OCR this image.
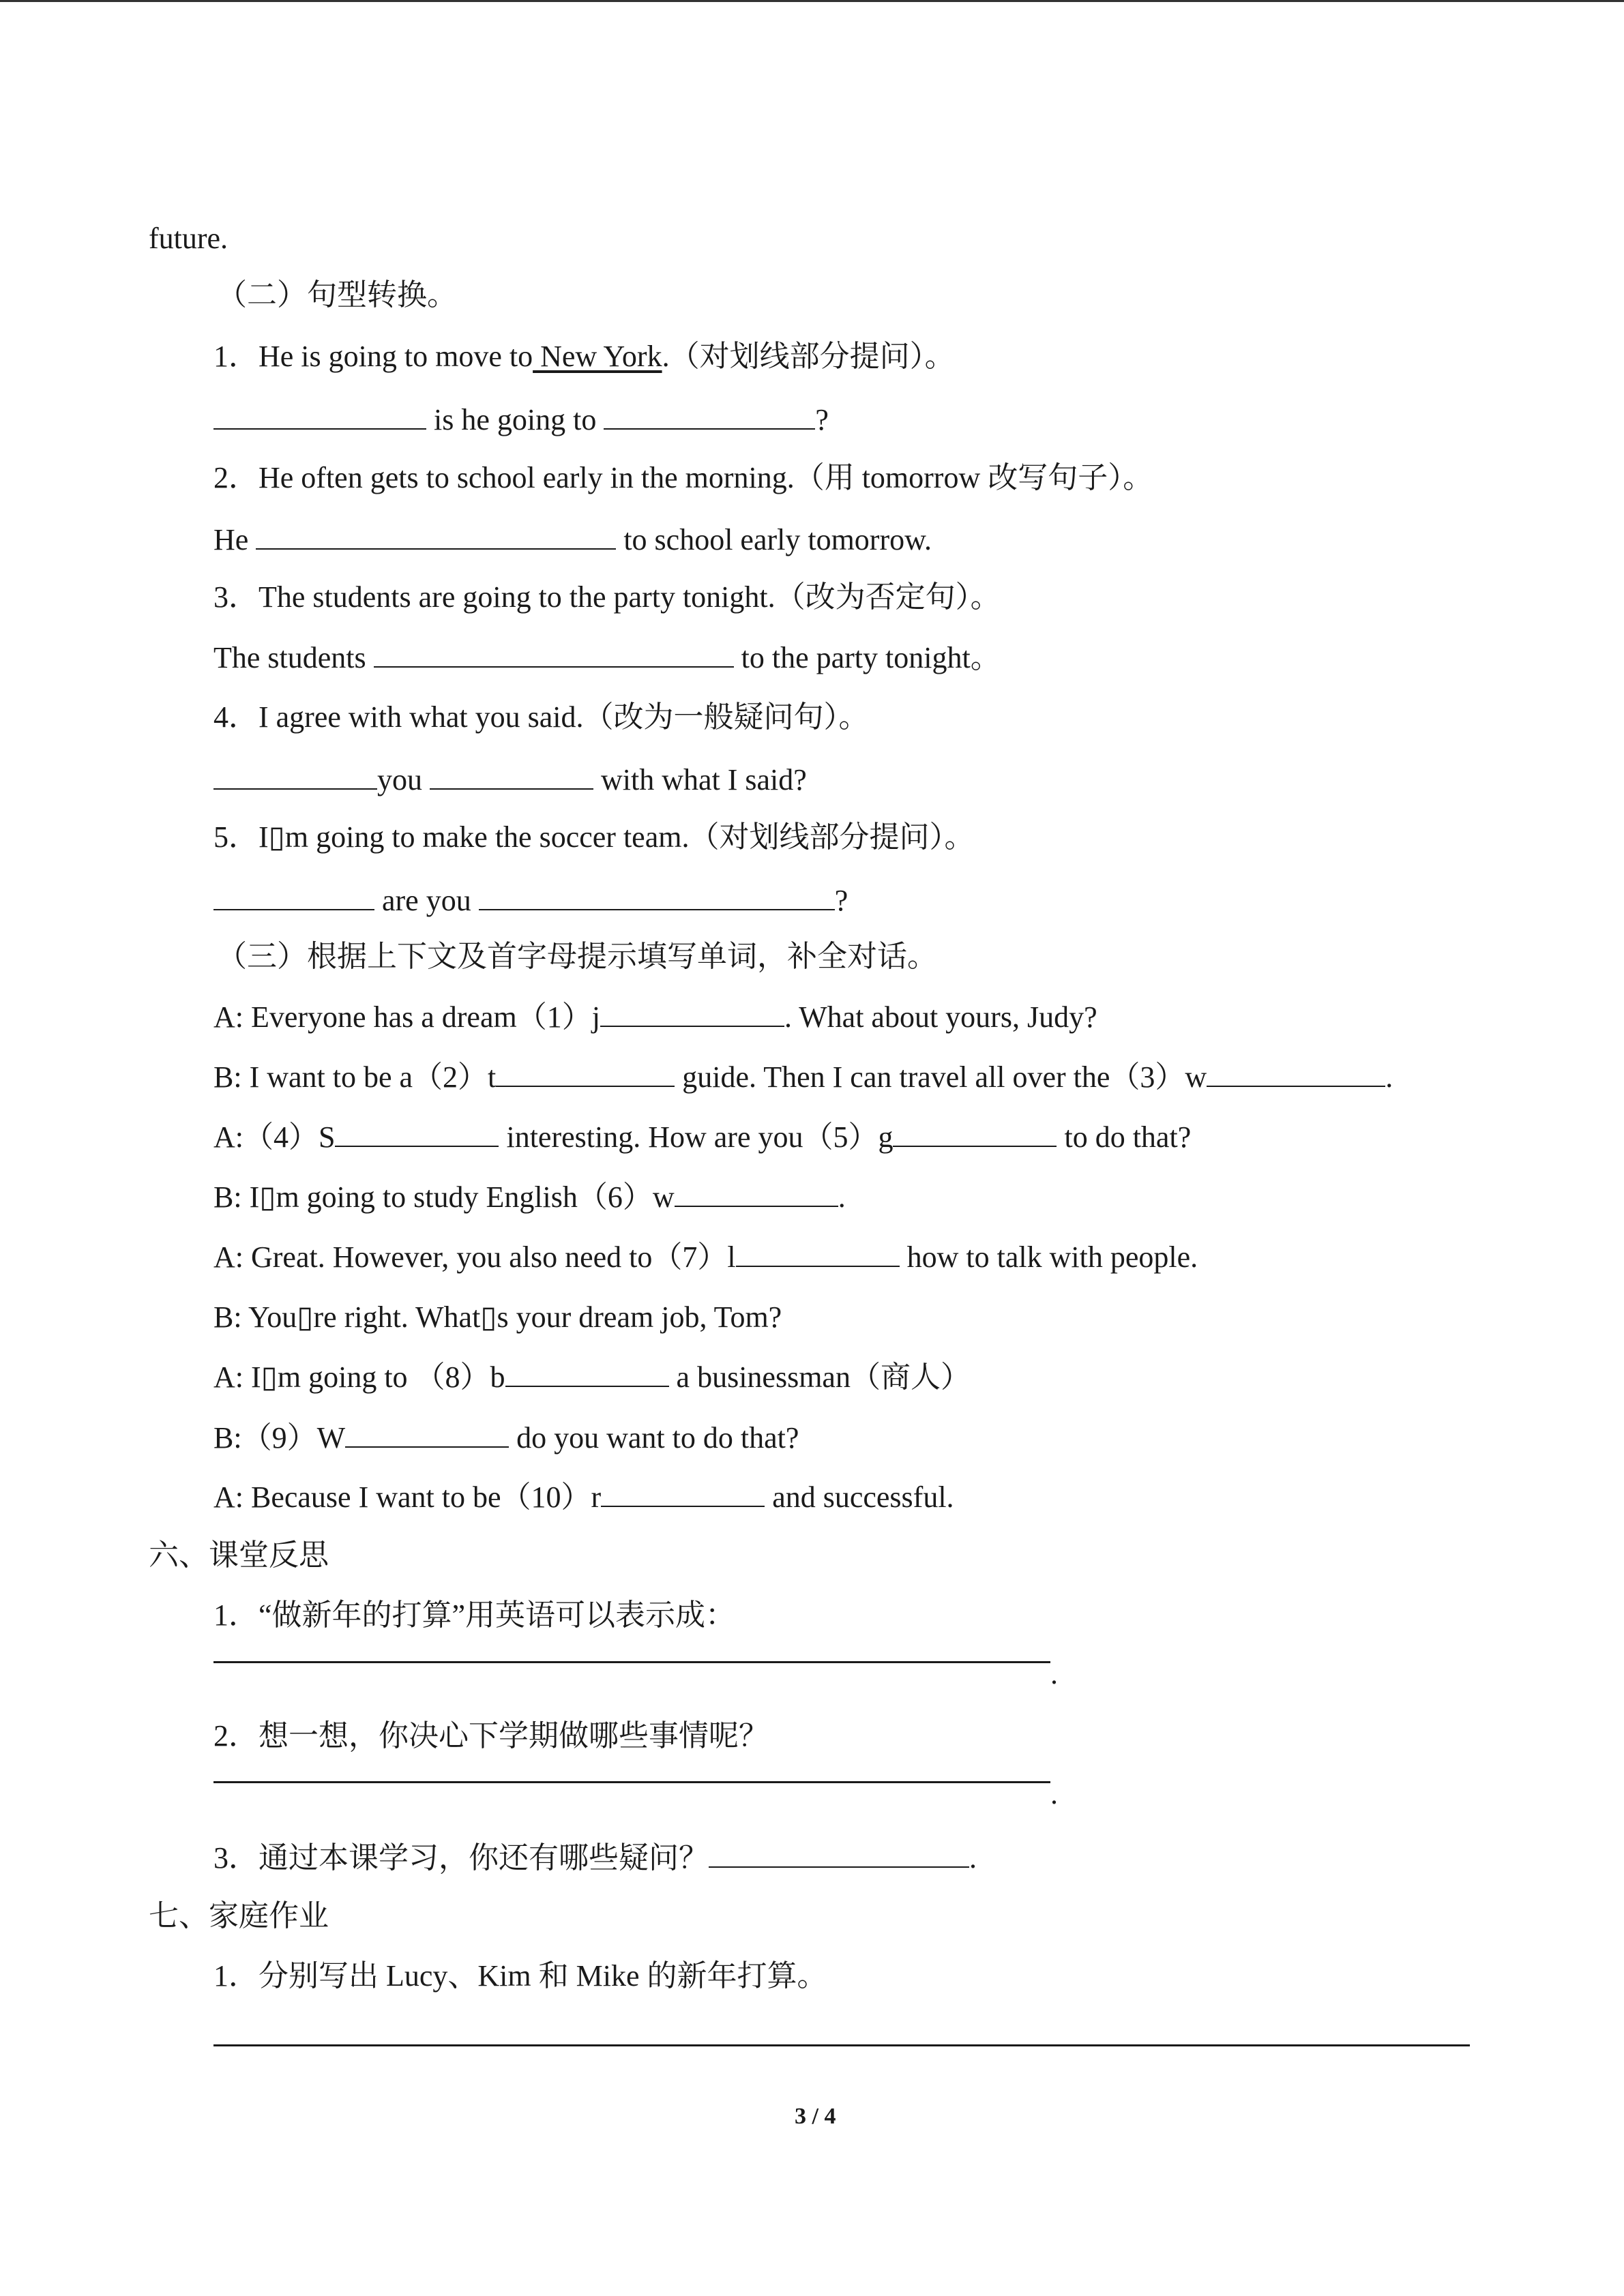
future.
（二）句型转换。
1．He is going to move to New York.（对划线部分提问）。
is he going to	?
2．He often gets to school early in the morning.（用 tomorrow 改写句子）。
He	to school early tomorrow.
3．The students are going to the party tonight.（改为否定句）。
The students	to the party tonight。
4．I agree with what you said.（改为一般疑问句）。
you	with what I said?
5．I▯m going to make the soccer team.（对划线部分提问）。
are you	?
（三）根据上下文及首字母提示填写单词，补全对话。
A: Everyone has a dream（1）j	. What about yours, Judy?
B: I want to be a（2）t	guide. Then I can travel all over the（3）w	.
A:（4）S	interesting. How are you（5）g	to do that?
B: I▯m going to study English（6）w	.
A: Great. However, you also need to（7）l	how to talk with people.
B: You▯re right. What▯s your dream job, Tom?
A: I▯m going to （8）b	a businessman（商人）
B:（9）W	do you want to do that?
A: Because I want to be（10）r	and successful.
六、课堂反思
1．“做新年的打算”用英语可以表示成：
.
2．想一想，你决心下学期做哪些事情呢？
.
3．通过本课学习，你还有哪些疑问？	.
七、家庭作业
1．分别写出 Lucy、Kim 和 Mike 的新年打算。
3 / 4
